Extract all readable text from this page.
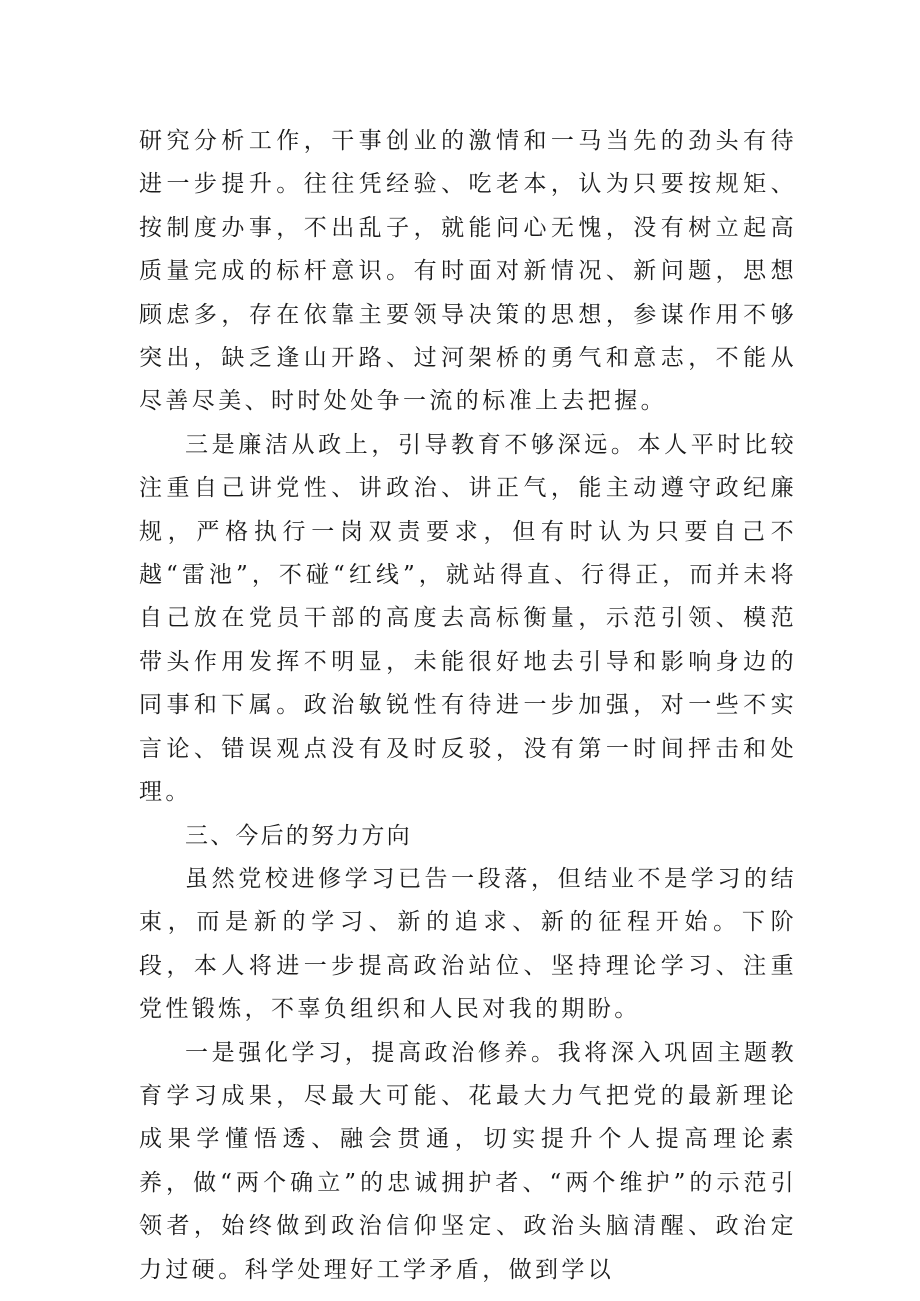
研究分析工作，干事创业的激情和一马当先的劲头有待进一步提升。往往凭经验、吃老本，认为只要按规矩、按制度办事，不出乱子，就能问心无愧，没有树立起高质量完成的标杆意识。有时面对新情况、新问题，思想顾虑多，存在依靠主要领导决策的思想，参谋作用不够突出，缺乏逢山开路、过河架桥的勇气和意志，不能从尽善尽美、时时处处争一流的标准上去把握。

三是廉洁从政上，引导教育不够深远。本人平时比较注重自己讲党性、讲政治、讲正气，能主动遵守政纪廉规，严格执行一岗双责要求，但有时认为只要自己不越“雷池”，不碰“红线”，就站得直、行得正，而并未将自己放在党员干部的高度去高标衡量，示范引领、模范带头作用发挥不明显，未能很好地去引导和影响身边的同事和下属。政治敏锐性有待进一步加强，对一些不实言论、错误观点没有及时反驳，没有第一时间抨击和处理。

三、今后的努力方向

虽然党校进修学习已告一段落，但结业不是学习的结束，而是新的学习、新的追求、新的征程开始。下阶段，本人将进一步提高政治站位、坚持理论学习、注重党性锻炼，不辜负组织和人民对我的期盼。

一是强化学习，提高政治修养。我将深入巩固主题教育学习成果，尽最大可能、花最大力气把党的最新理论成果学懂悟透、融会贯通，切实提升个人提高理论素养，做“两个确立”的忠诚拥护者、“两个维护”的示范引领者，始终做到政治信仰坚定、政治头脑清醒、政治定力过硬。科学处理好工学矛盾，做到学以
